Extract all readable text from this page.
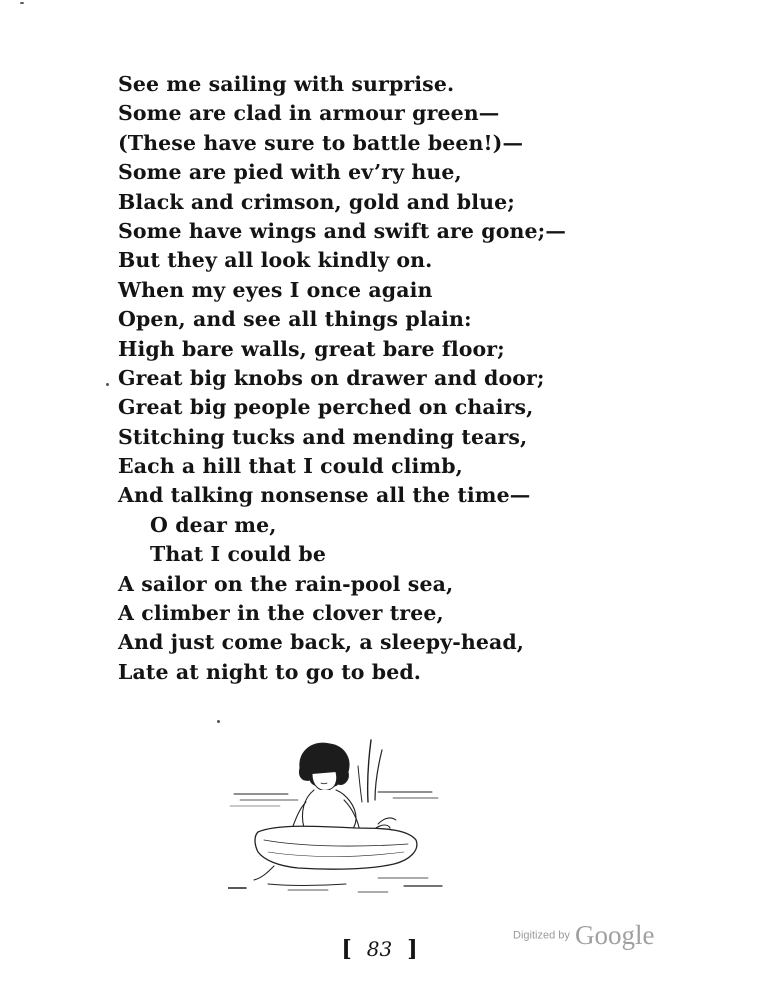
See me sailing with surprise.
Some are clad in armour green—
(These have sure to battle been!)—
Some are pied with ev’ry hue,
Black and crimson, gold and blue;
Some have wings and swift are gone;—
But they all look kindly on.
When my eyes I once again
Open, and see all things plain:
High bare walls, great bare floor;
Great big knobs on drawer and door;
Great big people perched on chairs,
Stitching tucks and mending tears,
Each a hill that I could climb,
And talking nonsense all the time—
O dear me,
That I could be
A sailor on the rain-pool sea,
A climber in the clover tree,
And just come back, a sleepy-head,
Late at night to go to bed.
[ 83 ]
Digitized by Google
